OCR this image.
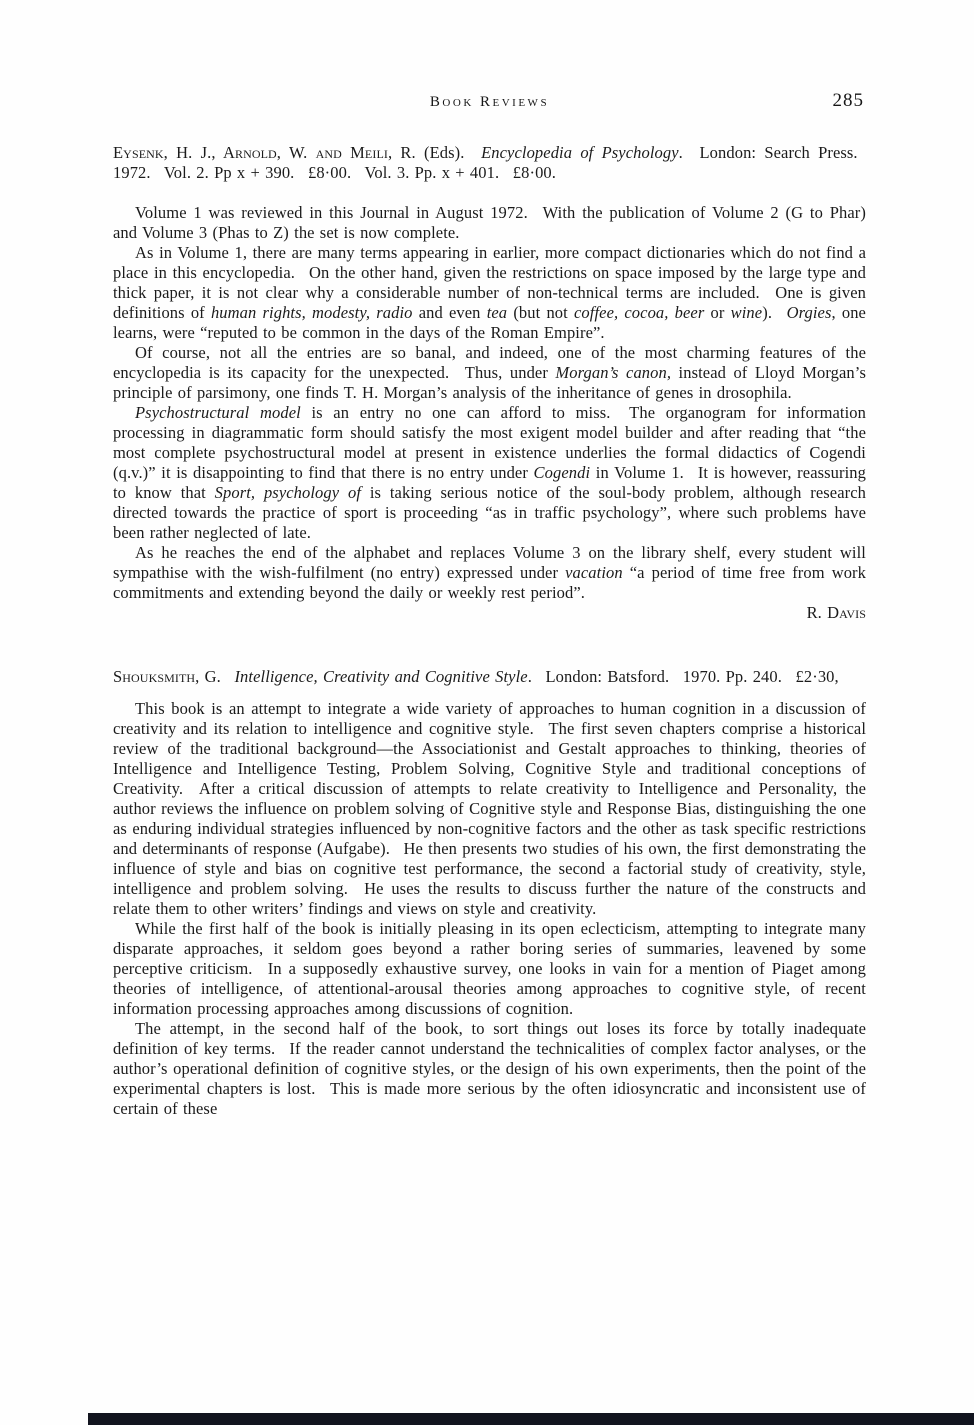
Book Reviews	285

Eysenk, H. J., Arnold, W. and Meili, R. (Eds).  Encyclopedia of Psychology.  London: Search Press.  1972.  Vol. 2. Pp x + 390.  £8·00.  Vol. 3. Pp. x + 401.  £8·00.

Volume 1 was reviewed in this Journal in August 1972.  With the publication of Volume 2 (G to Phar) and Volume 3 (Phas to Z) the set is now complete.

As in Volume 1, there are many terms appearing in earlier, more compact dictionaries which do not find a place in this encyclopedia.  On the other hand, given the restrictions on space imposed by the large type and thick paper, it is not clear why a considerable number of non-technical terms are included.  One is given definitions of human rights, modesty, radio and even tea (but not coffee, cocoa, beer or wine).  Orgies, one learns, were “reputed to be common in the days of the Roman Empire”.

Of course, not all the entries are so banal, and indeed, one of the most charming features of the encyclopedia is its capacity for the unexpected.  Thus, under Morgan’s canon, instead of Lloyd Morgan’s principle of parsimony, one finds T. H. Morgan’s analysis of the inheritance of genes in drosophila.

Psychostructural model is an entry no one can afford to miss.  The organogram for information processing in diagrammatic form should satisfy the most exigent model builder and after reading that “the most complete psychostructural model at present in existence underlies the formal didactics of Cogendi (q.v.)” it is disappointing to find that there is no entry under Cogendi in Volume 1.  It is however, reassuring to know that Sport, psychology of is taking serious notice of the soul-body problem, although research directed towards the practice of sport is proceeding “as in traffic psychology”, where such problems have been rather neglected of late.

As he reaches the end of the alphabet and replaces Volume 3 on the library shelf, every student will sympathise with the wish-fulfilment (no entry) expressed under vacation “a period of time free from work commitments and extending beyond the daily or weekly rest period”.

R. Davis

Shouksmith, G.  Intelligence, Creativity and Cognitive Style.  London: Batsford.  1970. Pp. 240.  £2·30,

This book is an attempt to integrate a wide variety of approaches to human cognition in a discussion of creativity and its relation to intelligence and cognitive style.  The first seven chapters comprise a historical review of the traditional background—the Associationist and Gestalt approaches to thinking, theories of Intelligence and Intelligence Testing, Problem Solving, Cognitive Style and traditional conceptions of Creativity.  After a critical discussion of attempts to relate creativity to Intelligence and Personality, the author reviews the influence on problem solving of Cognitive style and Response Bias, distinguishing the one as enduring individual strategies influenced by non-cognitive factors and the other as task specific restrictions and determinants of response (Aufgabe).  He then presents two studies of his own, the first demonstrating the influence of style and bias on cognitive test performance, the second a factorial study of creativity, style, intelligence and problem solving.  He uses the results to discuss further the nature of the constructs and relate them to other writers’ findings and views on style and creativity.

While the first half of the book is initially pleasing in its open eclecticism, attempting to integrate many disparate approaches, it seldom goes beyond a rather boring series of summaries, leavened by some perceptive criticism.  In a supposedly exhaustive survey, one looks in vain for a mention of Piaget among theories of intelligence, of attentional-arousal theories among approaches to cognitive style, of recent information processing approaches among discussions of cognition.

The attempt, in the second half of the book, to sort things out loses its force by totally inadequate definition of key terms.  If the reader cannot understand the technicalities of complex factor analyses, or the author’s operational definition of cognitive styles, or the design of his own experiments, then the point of the experimental chapters is lost.  This is made more serious by the often idiosyncratic and inconsistent use of certain of these
